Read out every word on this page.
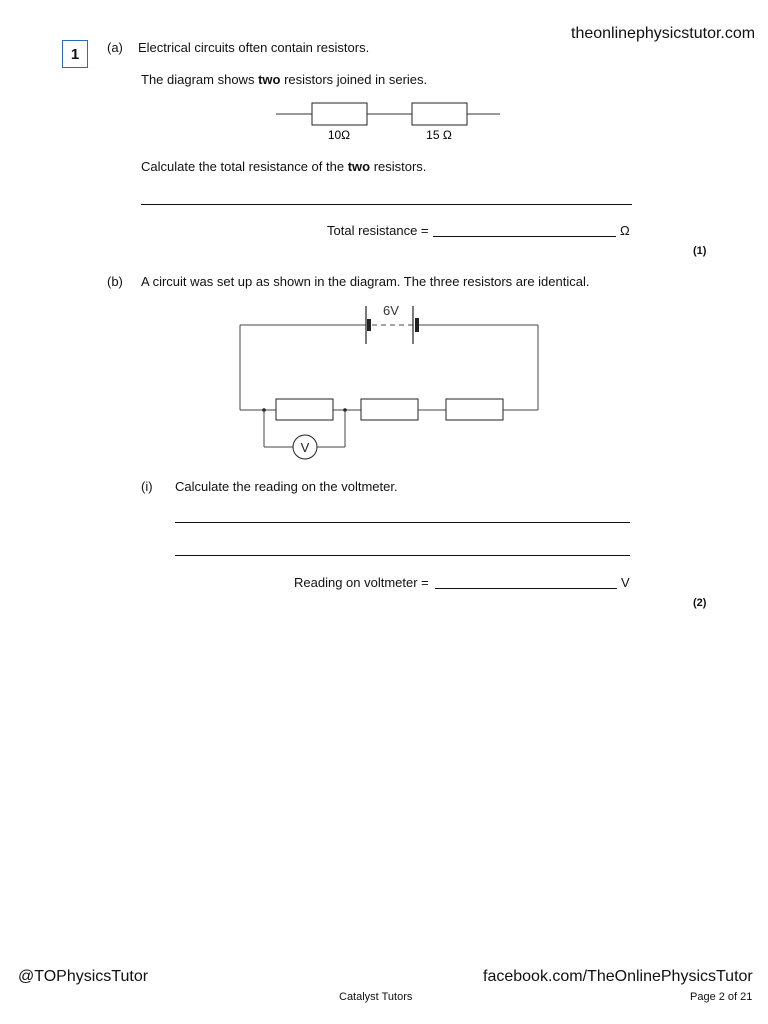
theonlinephysicstutor.com
1 (a) Electrical circuits often contain resistors.
The diagram shows two resistors joined in series.
10Ω	15 Ω
Calculate the total resistance of the two resistors.
Total resistance =	Ω
(1)
(b) A circuit was set up as shown in the diagram. The three resistors are identical.
6V
V
(i) Calculate the reading on the voltmeter.
Reading on voltmeter =	V
(2)
@TOPhysicsTutor	facebook.com/TheOnlinePhysicsTutor
Catalyst Tutors	Page 2 of 21
